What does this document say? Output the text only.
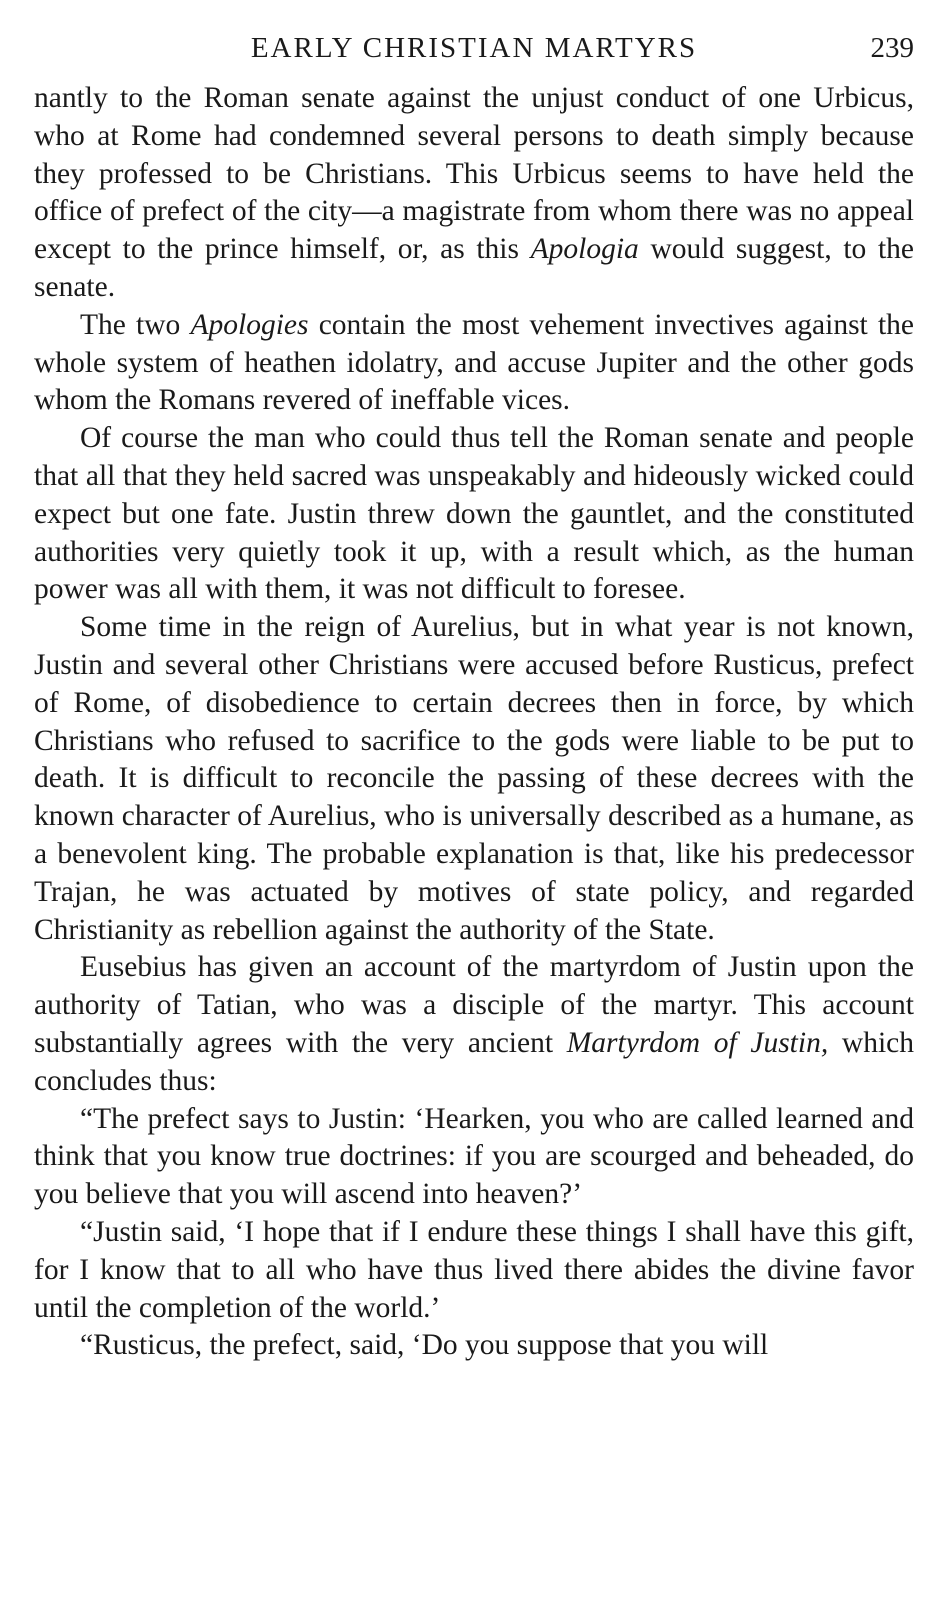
EARLY CHRISTIAN MARTYRS	239

nantly to the Roman senate against the unjust conduct of one Urbicus, who at Rome had condemned several persons to death simply because they professed to be Christians. This Urbicus seems to have held the office of prefect of the city—a magistrate from whom there was no appeal except to the prince himself, or, as this Apologia would suggest, to the senate.

The two Apologies contain the most vehement invectives against the whole system of heathen idolatry, and accuse Jupiter and the other gods whom the Romans revered of ineffable vices.

Of course the man who could thus tell the Roman senate and people that all that they held sacred was unspeakably and hideously wicked could expect but one fate. Justin threw down the gauntlet, and the constituted authorities very quietly took it up, with a result which, as the human power was all with them, it was not difficult to foresee.

Some time in the reign of Aurelius, but in what year is not known, Justin and several other Christians were accused before Rusticus, prefect of Rome, of disobedience to certain decrees then in force, by which Christians who refused to sacrifice to the gods were liable to be put to death. It is difficult to reconcile the passing of these decrees with the known character of Aurelius, who is universally described as a humane, as a benevolent king. The probable explanation is that, like his predecessor Trajan, he was actuated by motives of state policy, and regarded Christianity as rebellion against the authority of the State.

Eusebius has given an account of the martyrdom of Justin upon the authority of Tatian, who was a disciple of the martyr. This account substantially agrees with the very ancient Martyrdom of Justin, which concludes thus:

“The prefect says to Justin: ‘Hearken, you who are called learned and think that you know true doctrines: if you are scourged and beheaded, do you believe that you will ascend into heaven?’

“Justin said, ‘I hope that if I endure these things I shall have this gift, for I know that to all who have thus lived there abides the divine favor until the completion of the world.’

“Rusticus, the prefect, said, ‘Do you suppose that you will
